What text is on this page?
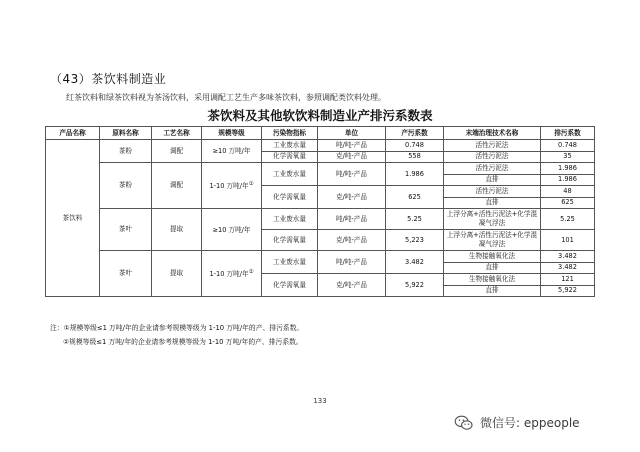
（43）茶饮料制造业
红茶饮料和绿茶饮料视为茶汤饮料，采用调配工艺生产多味茶饮料，参照调配类饮料处理。
茶饮料及其他软饮料制造业产排污系数表
产品名称	原料名称	工艺名称	规模等级	污染物指标	单位	产污系数	末端治理技术名称	排污系数
茶饮料	茶粉	调配	≥10 万吨/年	工业废水量	吨/吨-产品	0.748	活性污泥法	0.748
				化学需氧量	克/吨-产品	558	活性污泥法	35
	茶粉	调配	1-10 万吨/年①	工业废水量	吨/吨-产品	1.986	活性污泥法	1.986
							直排	1.986
				化学需氧量	克/吨-产品	625	活性污泥法	48
							直排	625
	茶叶	提取	≥10 万吨/年	工业废水量	吨/吨-产品	5.25	上浮分离+活性污泥法+化学混凝气浮法	5.25
				化学需氧量	克/吨-产品	5,223	上浮分离+活性污泥法+化学混凝气浮法	101
	茶叶	提取	1-10 万吨/年②	工业废水量	吨/吨-产品	3.482	生物接触氧化法	3.482
							直排	3.482
				化学需氧量	克/吨-产品	5,922	生物接触氧化法	121
							直排	5,922
注：①规模等级≤1 万吨/年的企业请参考规模等级为 1-10 万吨/年的产、排污系数。
②规模等级≤1 万吨/年的企业请参考规模等级为 1-10 万吨/年的产、排污系数。
133
微信号: eppeople
